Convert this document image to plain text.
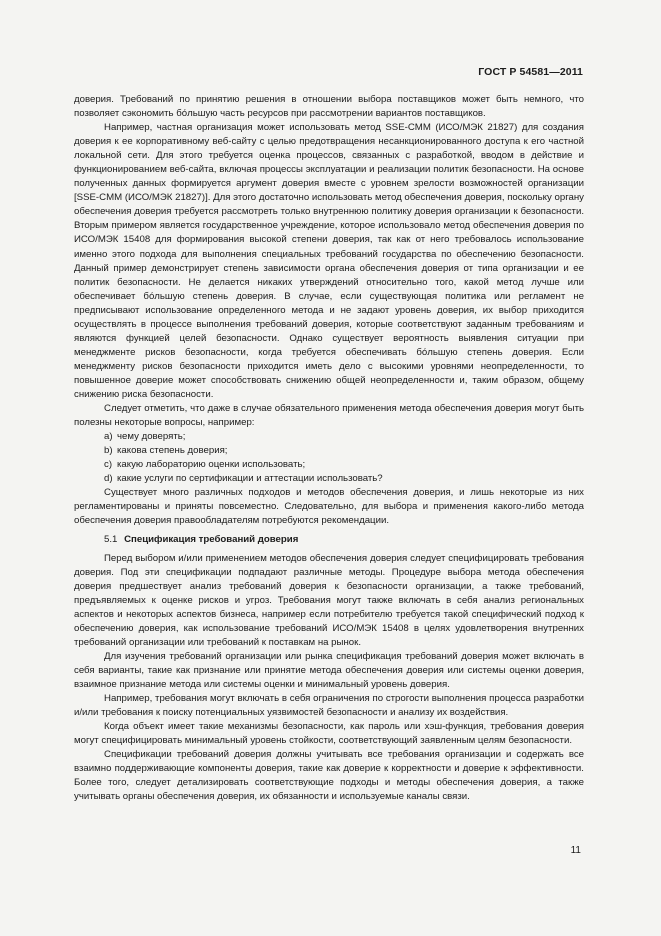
ГОСТ Р 54581—2011

доверия. Требований по принятию решения в отношении выбора поставщиков может быть немного, что позволяет сэкономить бо́льшую часть ресурсов при рассмотрении вариантов поставщиков.

Например, частная организация может использовать метод SSE-CMM (ИСО/МЭК 21827) для создания доверия к ее корпоративному веб-сайту с целью предотвращения несанкционированного доступа к его частной локальной сети. Для этого требуется оценка процессов, связанных с разработкой, вводом в действие и функционированием веб-сайта, включая процессы эксплуатации и реализации политик безопасности. На основе полученных данных формируется аргумент доверия вместе с уровнем зрелости возможностей организации [SSE-CMM (ИСО/МЭК 21827)]. Для этого достаточно использовать метод обеспечения доверия, поскольку органу обеспечения доверия требуется рассмотреть только внутреннюю политику доверия организации к безопасности. Вторым примером является государственное учреждение, которое использовало метод обеспечения доверия по ИСО/МЭК 15408 для формирования высокой степени доверия, так как от него требовалось использование именно этого подхода для выполнения специальных требований государства по обеспечению безопасности. Данный пример демонстрирует степень зависимости органа обеспечения доверия от типа организации и ее политик безопасности. Не делается никаких утверждений относительно того, какой метод лучше или обеспечивает бо́льшую степень доверия. В случае, если существующая политика или регламент не предписывают использование определенного метода и не задают уровень доверия, их выбор приходится осуществлять в процессе выполнения требований доверия, которые соответствуют заданным требованиям и являются функцией целей безопасности. Однако существует вероятность выявления ситуации при менеджменте рисков безопасности, когда требуется обеспечивать бо́льшую степень доверия. Если менеджменту рисков безопасности приходится иметь дело с высокими уровнями неопределенности, то повышенное доверие может способствовать снижению общей неопределенности и, таким образом, общему снижению риска безопасности.

Следует отметить, что даже в случае обязательного применения метода обеспечения доверия могут быть полезны некоторые вопросы, например:

a) чему доверять;

b) какова степень доверия;

c) какую лабораторию оценки использовать;

d) какие услуги по сертификации и аттестации использовать?

Существует много различных подходов и методов обеспечения доверия, и лишь некоторые из них регламентированы и приняты повсеместно. Следовательно, для выбора и применения какого-либо метода обеспечения доверия правообладателям потребуются рекомендации.

5.1 Спецификация требований доверия

Перед выбором и/или применением методов обеспечения доверия следует специфицировать требования доверия. Под эти спецификации подпадают различные методы. Процедуре выбора метода обеспечения доверия предшествует анализ требований доверия к безопасности организации, а также требований, предъявляемых к оценке рисков и угроз. Требования могут также включать в себя анализ региональных аспектов и некоторых аспектов бизнеса, например если потребителю требуется такой специфический подход к обеспечению доверия, как использование требований ИСО/МЭК 15408 в целях удовлетворения внутренних требований организации или требований к поставкам на рынок.

Для изучения требований организации или рынка спецификация требований доверия может включать в себя варианты, такие как признание или принятие метода обеспечения доверия или системы оценки доверия, взаимное признание метода или системы оценки и минимальный уровень доверия.

Например, требования могут включать в себя ограничения по строгости выполнения процесса разработки и/или требования к поиску потенциальных уязвимостей безопасности и анализу их воздействия.

Когда объект имеет такие механизмы безопасности, как пароль или хэш-функция, требования доверия могут специфицировать минимальный уровень стойкости, соответствующий заявленным целям безопасности.

Спецификации требований доверия должны учитывать все требования организации и содержать все взаимно поддерживающие компоненты доверия, такие как доверие к корректности и доверие к эффективности. Более того, следует детализировать соответствующие подходы и методы обеспечения доверия, а также учитывать органы обеспечения доверия, их обязанности и используемые каналы связи.

11
